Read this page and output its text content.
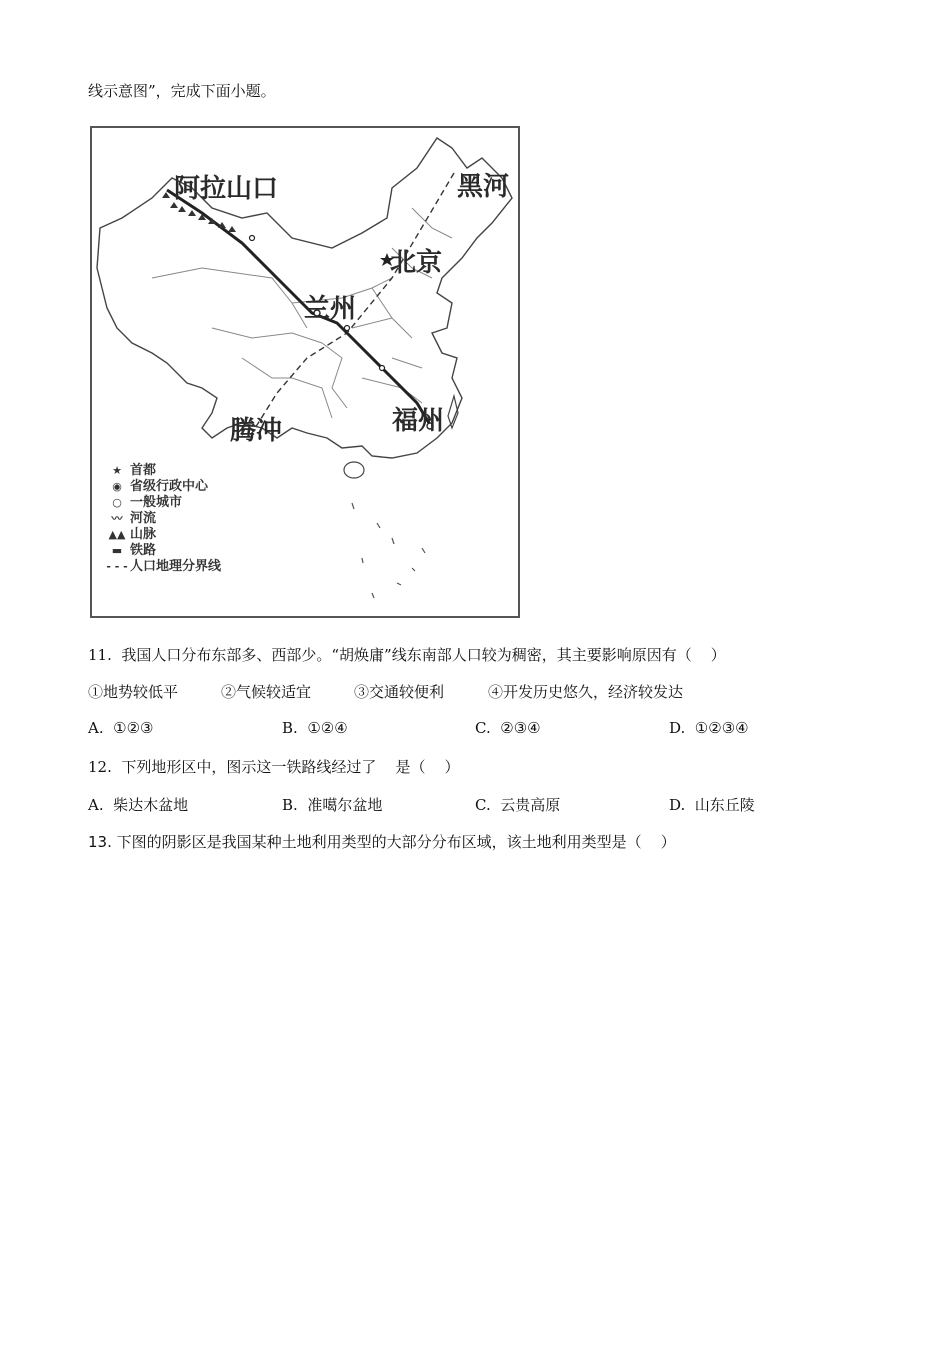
线示意图”，完成下面小题。
阿拉山口	黑河
北京
兰州
腾冲	福州
★ 首都
◉ 省级行政中心
○ 一般城市
〰 河流
▲▲ 山脉
▬ 铁路
- - - 人口地理分界线
11.  我国人口分布东部多、西部少。“胡焕庸”线东南部人口较为稠密，其主要影响原因有（    ）
①地势较低平	②气候较适宜	③交通较便利	④开发历史悠久，经济较发达
A.  ①②③	B.  ①②④	C.  ②③④	D.  ①②③④
12.  下列地形区中，图示这一铁路线经过了    是（    ）
A.  柴达木盆地	B.  准噶尔盆地	C.  云贵高原	D.  山东丘陵
13. 下图的阴影区是我国某种土地利用类型的大部分分布区域，该土地利用类型是（    ）
